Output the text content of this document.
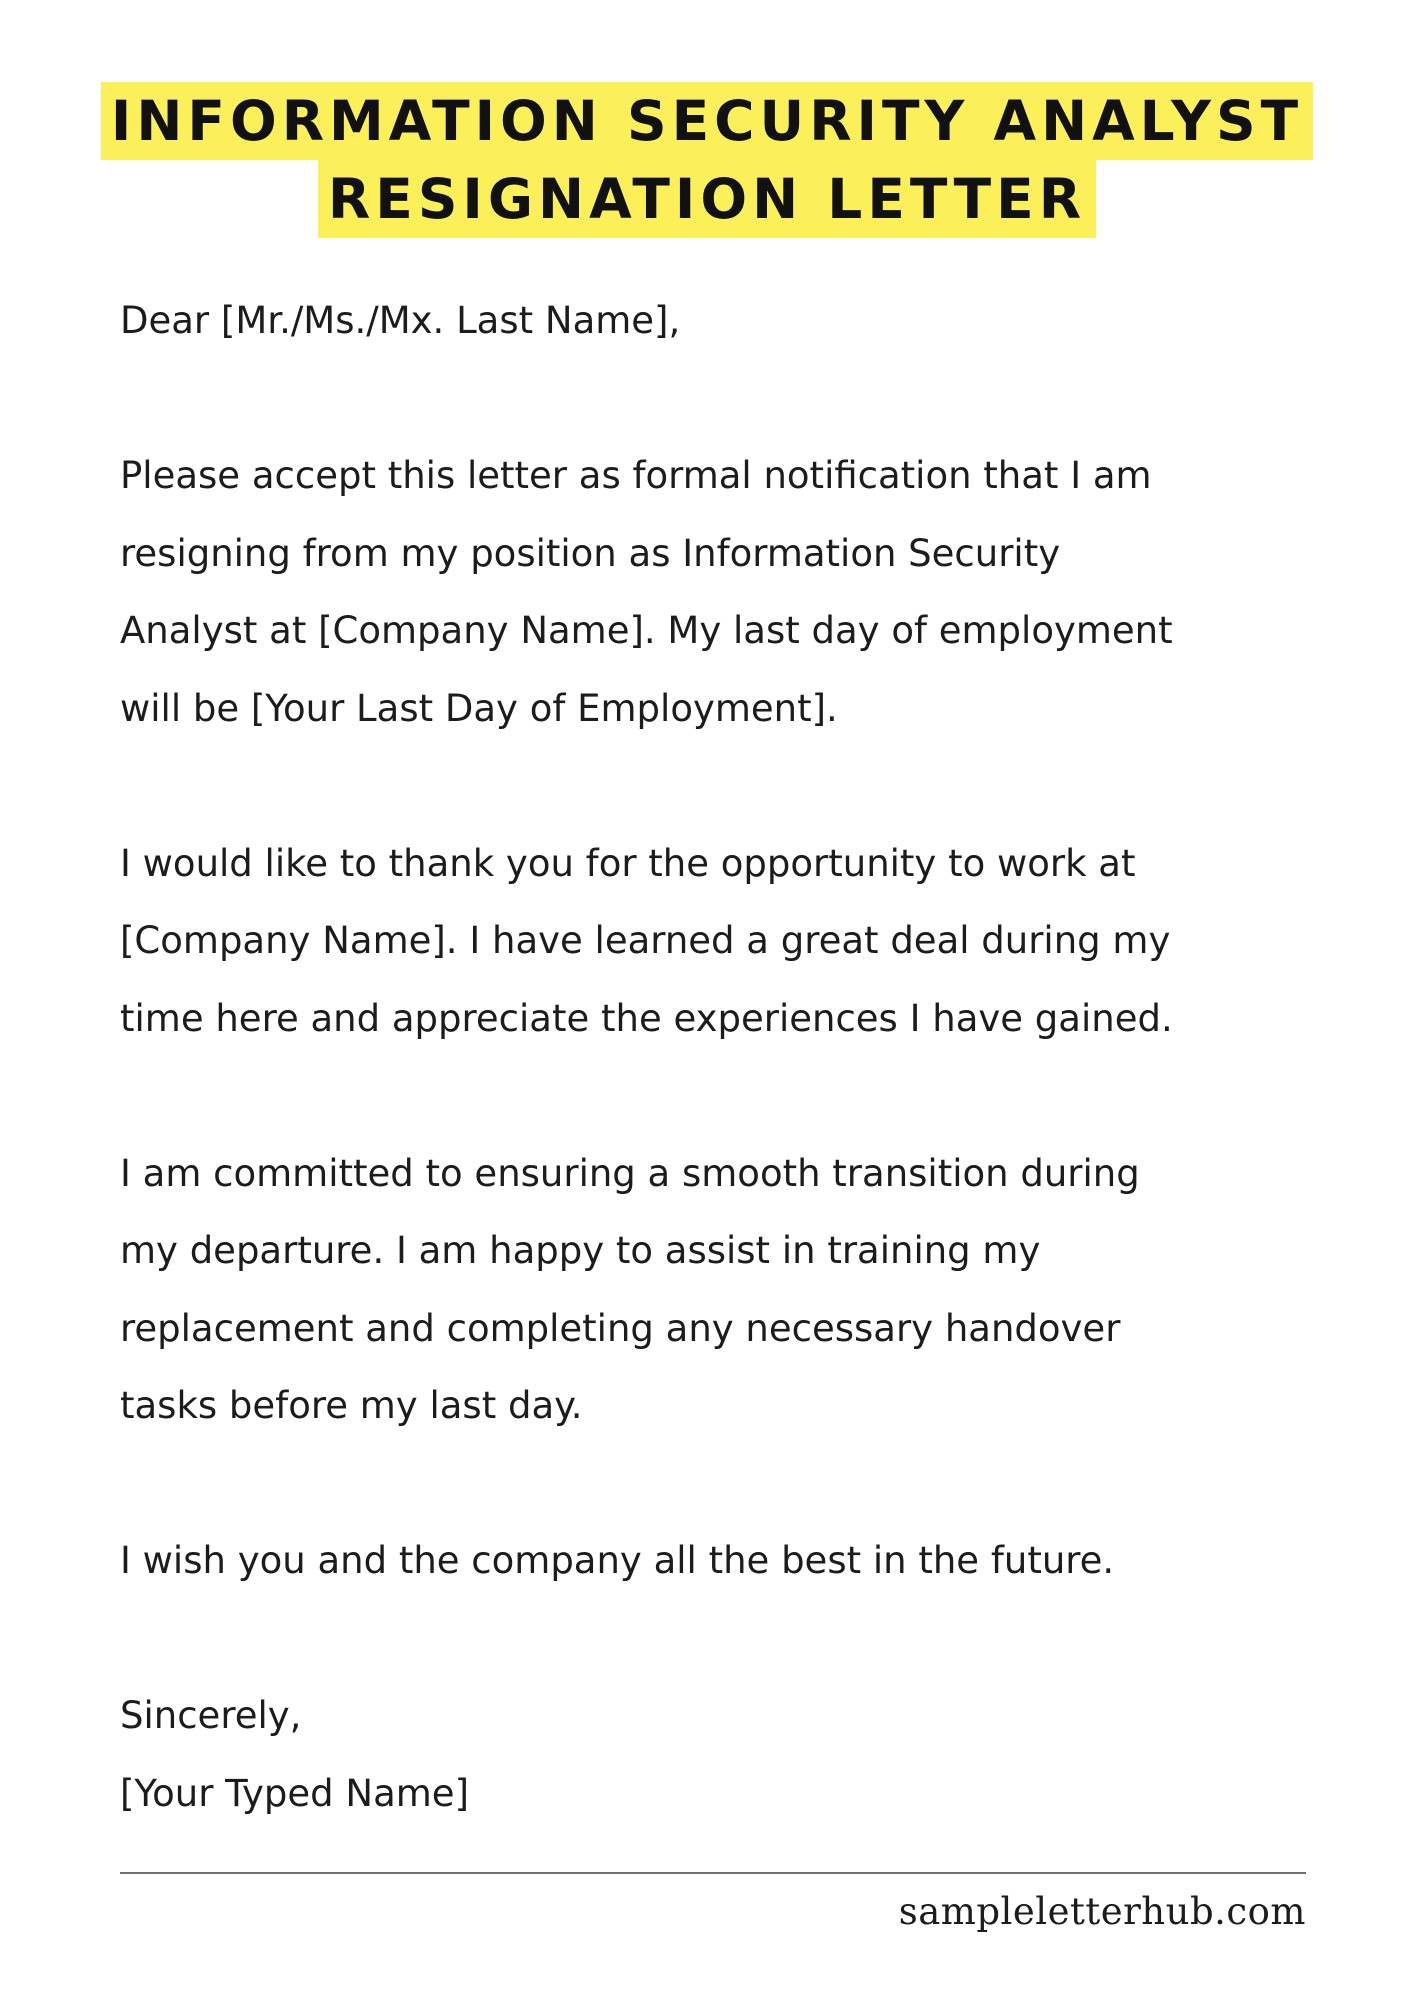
INFORMATION SECURITY ANALYST
RESIGNATION LETTER

Dear [Mr./Ms./Mx. Last Name],

Please accept this letter as formal notification that I am
resigning from my position as Information Security
Analyst at [Company Name]. My last day of employment
will be [Your Last Day of Employment].

I would like to thank you for the opportunity to work at
[Company Name]. I have learned a great deal during my
time here and appreciate the experiences I have gained.

I am committed to ensuring a smooth transition during
my departure. I am happy to assist in training my
replacement and completing any necessary handover
tasks before my last day.

I wish you and the company all the best in the future.

Sincerely,

[Your Typed Name]

sampleletterhub.com
